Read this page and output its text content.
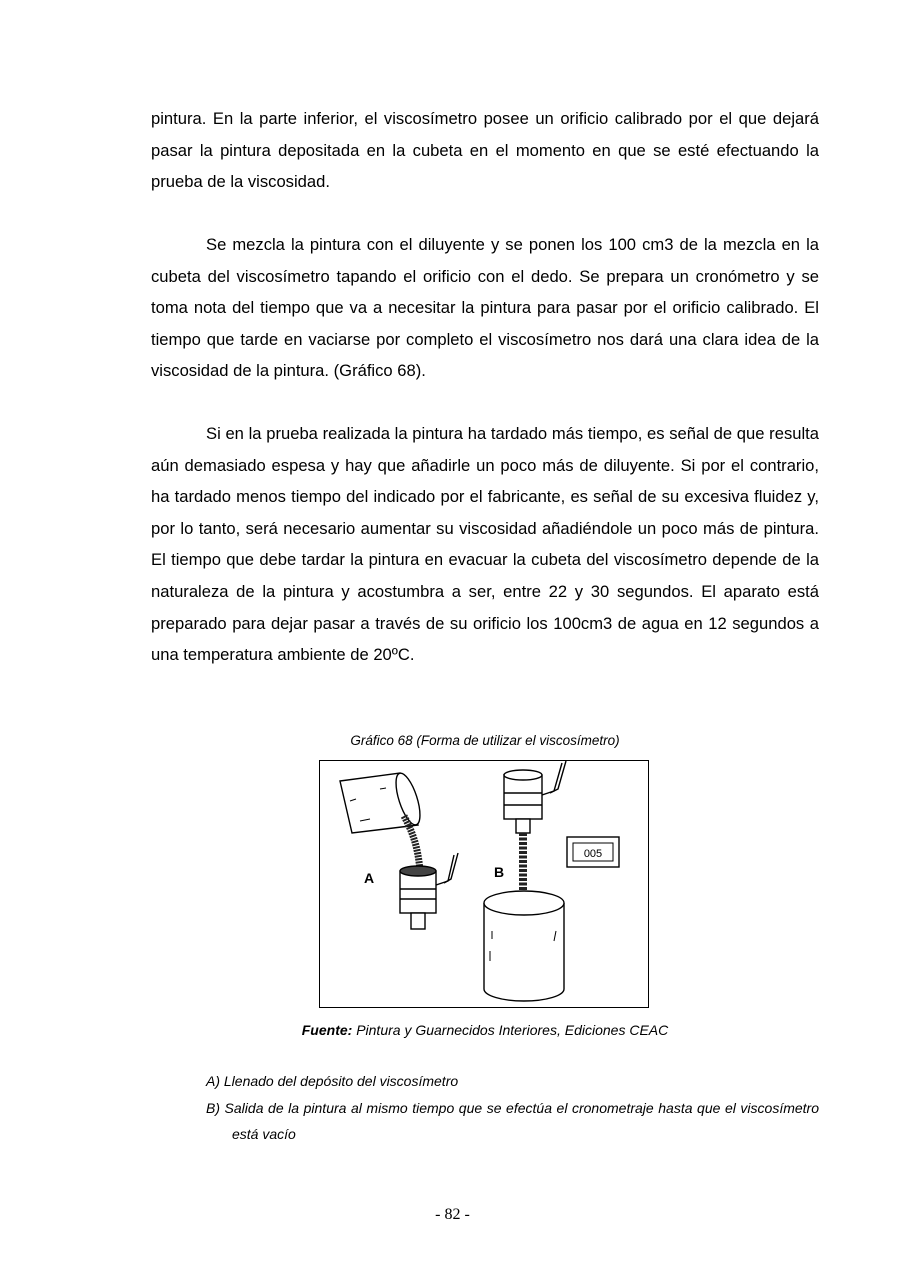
pintura. En la parte inferior, el viscosímetro posee un orificio calibrado por el que dejará pasar la pintura depositada en la cubeta en el momento en que se esté efectuando la prueba de la viscosidad.

Se mezcla la pintura con el diluyente y se ponen los 100 cm3 de la mezcla en la cubeta del viscosímetro tapando el orificio con el dedo. Se prepara un cronómetro y se toma nota del tiempo que va a necesitar la pintura para pasar por el orificio calibrado. El tiempo que tarde en vaciarse por completo el viscosímetro nos dará una clara idea de la viscosidad de la pintura. (Gráfico 68).

Si en la prueba realizada la pintura ha tardado más tiempo, es señal de que resulta aún demasiado espesa y hay que añadirle un poco más de diluyente. Si por el contrario, ha tardado menos tiempo del indicado por el fabricante, es señal de su excesiva fluidez y, por lo tanto, será necesario aumentar su viscosidad añadiéndole un poco más de pintura. El tiempo que debe tardar la pintura en evacuar la cubeta del viscosímetro depende de la naturaleza de la pintura y acostumbra a ser, entre 22 y 30 segundos. El aparato está preparado para dejar pasar a través de su orificio los 100cm3 de agua en 12 segundos a una temperatura ambiente de 20ºC.

Gráfico 68 (Forma de utilizar el viscosímetro)
A	B
005
Fuente: Pintura y Guarnecidos Interiores, Ediciones CEAC

A) Llenado del depósito del viscosímetro

B) Salida de la pintura al mismo tiempo que se efectúa el cronometraje hasta que el viscosímetro está vacío

- 82 -
